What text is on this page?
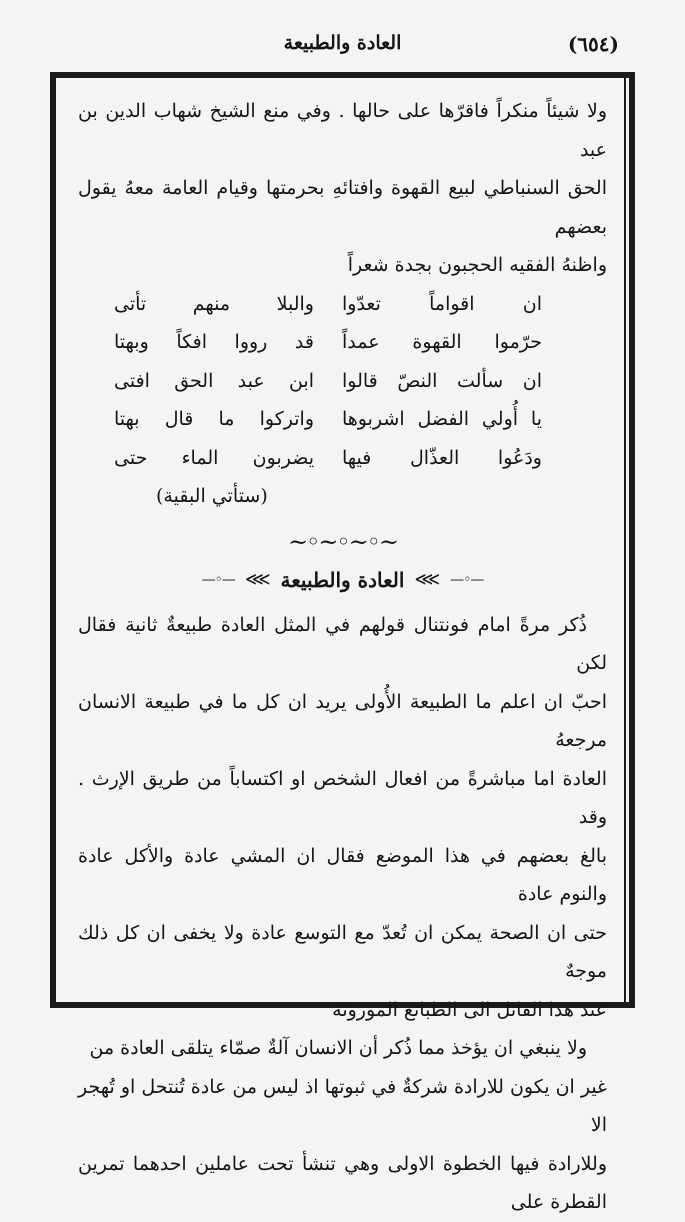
(٦٥٤)
العادة والطبيعة

ولا شيئاً منكراً فاقرّها على حالها . وفي منع الشيخ شهاب الدين بن عبد

الحق السنباطي لبيع القهوة وافتائهِ بحرمتها وقيام العامة معهُ يقول بعضهم

واظنهُ الفقيه الحجبون بجدة شعراً

ان اقواماً تعدّوا
والبلا منهم تأتى
حرّموا القهوة عمداً
قد رووا افكاً وبهتا
ان سألت النصّ قالوا
ابن عبد الحق افتى
يا أُولي الفضل اشربوها
واتركوا ما قال بهتا
ودَعُوا العذّال فيها
يضربون الماء حتى

(ستأتي البقية)

~◦~◦~◦~
—◦—
⋙
العادة والطبيعة
⋙
—◦—

ذُكر مرةً امام فونتنال قولهم في المثل العادة طبيعةٌ ثانية فقال لكن

احبّ ان اعلم ما الطبيعة الأُولى يريد ان كل ما في طبيعة الانسان مرجعهُ

العادة اما مباشرةً من افعال الشخص او اكتساباً من طريق الإرث . وقد

بالغ بعضهم في هذا الموضع فقال ان المشي عادة والأكل عادة والنوم عادة

حتى ان الصحة يمكن ان تُعدّ مع التوسع عادة ولا يخفى ان كل ذلك موجهٌ

عند هذا القائل الى الطبائع الموروثة

ولا ينبغي ان يؤخذ مما ذُكر أن الانسان آلةٌ صمّاء يتلقى العادة من

غير ان يكون للارادة شركةٌ في ثبوتها اذ ليس من عادة تُنتحل او تُهجر الا

وللارادة فيها الخطوة الاولى وهي تنشأ تحت عاملين احدهما تمرين القطرة على
